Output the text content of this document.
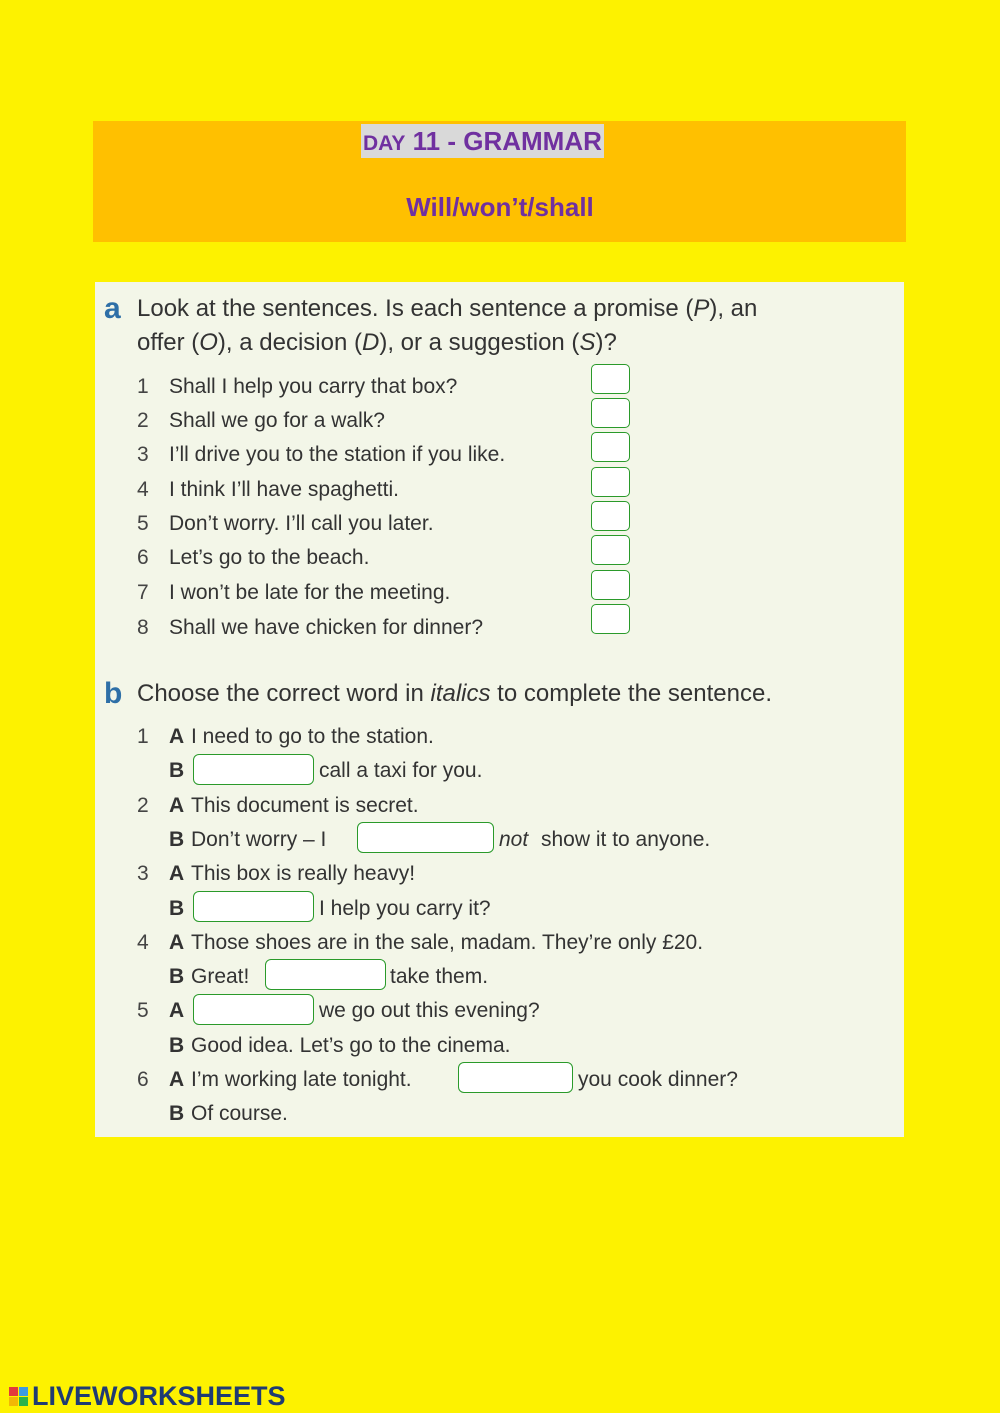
DAY 11 - GRAMMAR
Will/won’t/shall
a Look at the sentences. Is each sentence a promise (P), an
offer (O), a decision (D), or a suggestion (S)?
1 Shall I help you carry that box?
2 Shall we go for a walk?
3 I’ll drive you to the station if you like.
4 I think I’ll have spaghetti.
5 Don’t worry. I’ll call you later.
6 Let’s go to the beach.
7 I won’t be late for the meeting.
8 Shall we have chicken for dinner?
b Choose the correct word in italics to complete the sentence.
1 A I need to go to the station.
B	call a taxi for you.
2 A This document is secret.
B Don’t worry – I	not show it to anyone.
3 A This box is really heavy!
B	I help you carry it?
4 A Those shoes are in the sale, madam. They’re only £20.
B Great!	take them.
5 A	we go out this evening?
B Good idea. Let’s go to the cinema.
6 A I’m working late tonight.	you cook dinner?
B Of course.
LIVEWORKSHEETS
